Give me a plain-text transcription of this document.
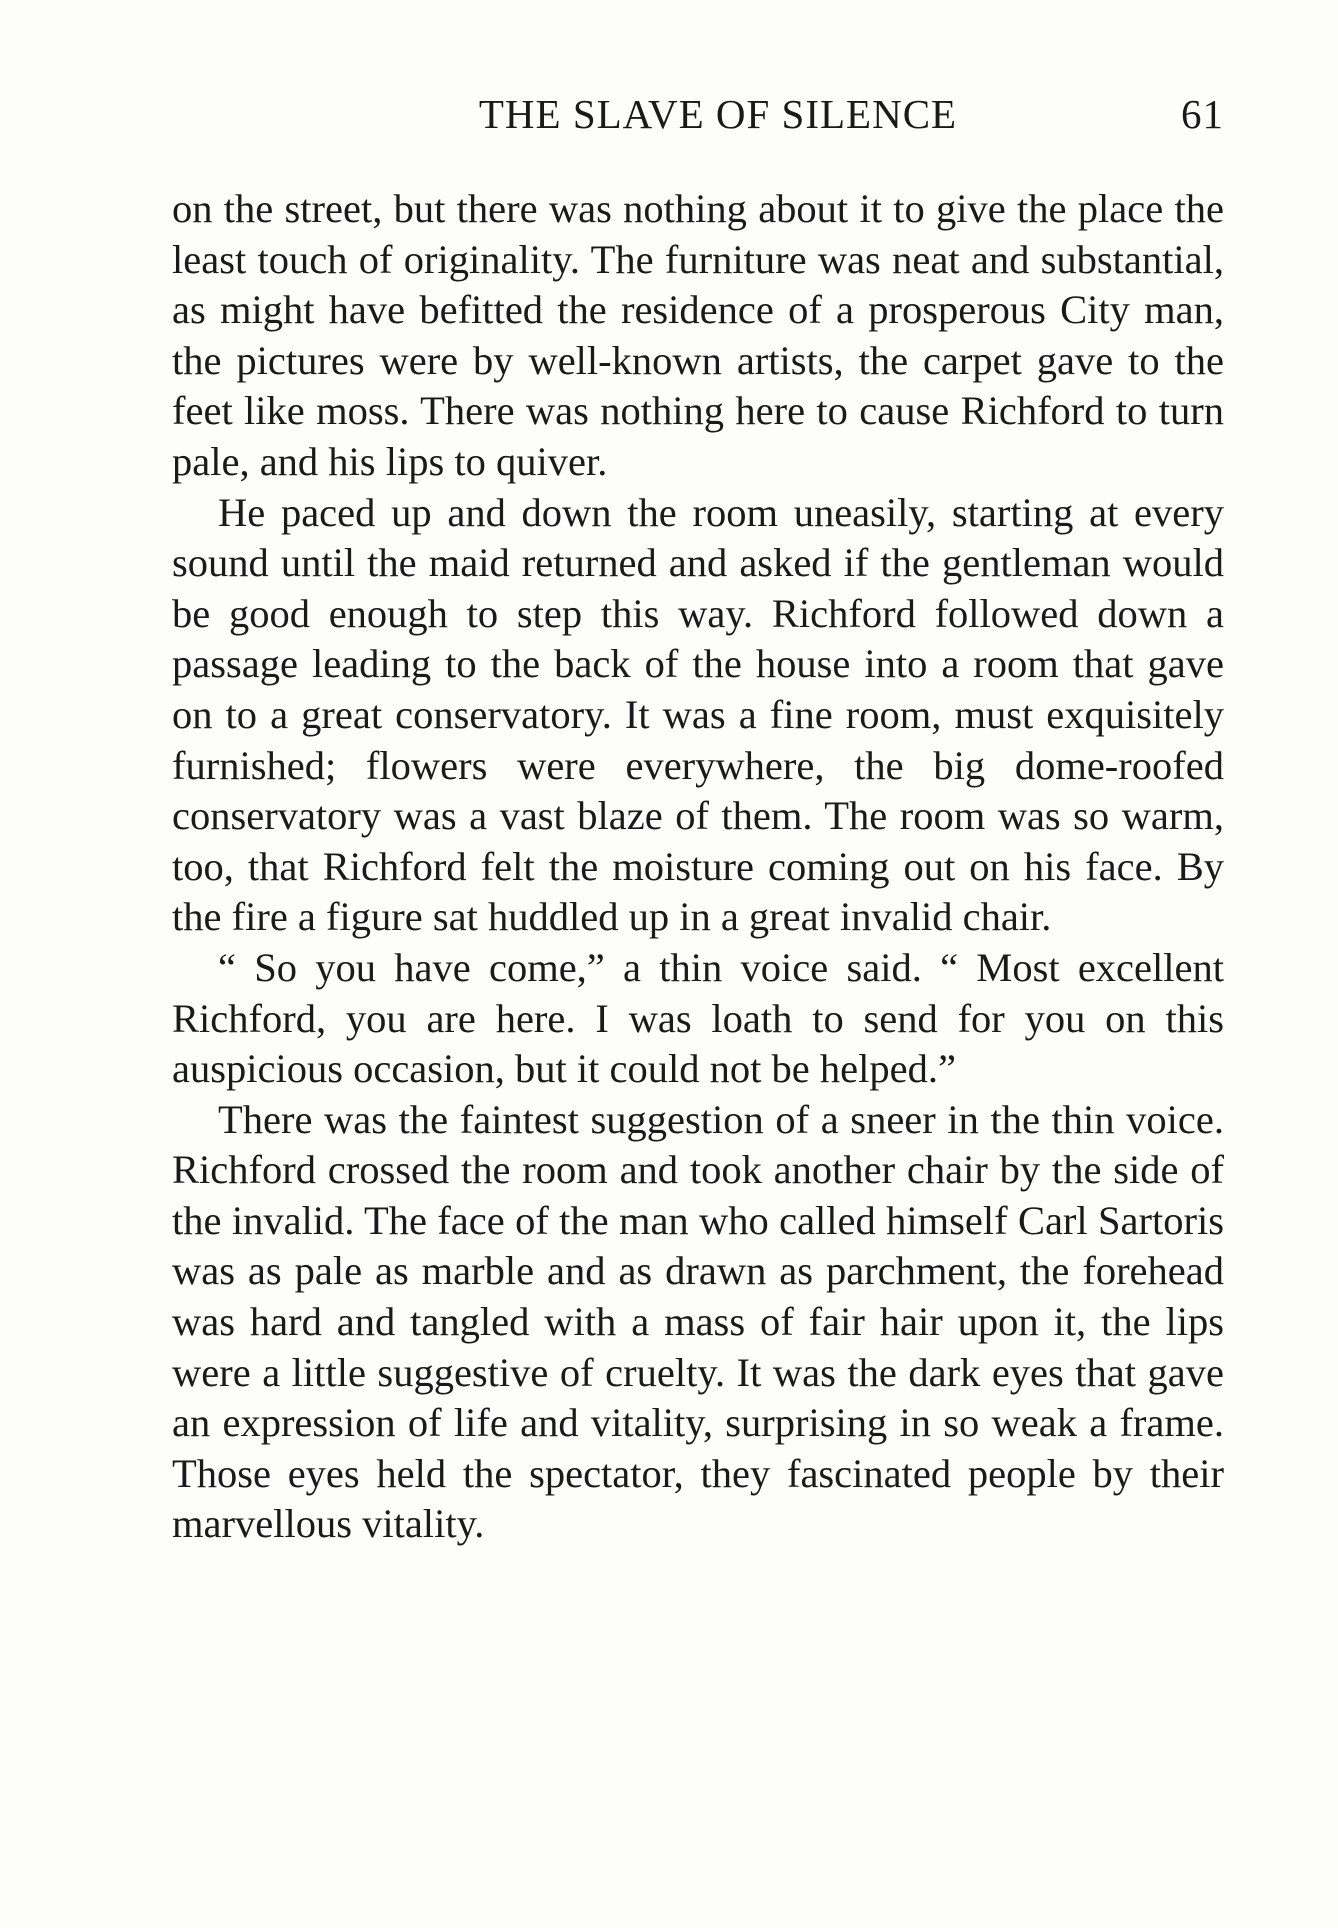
THE SLAVE OF SILENCE	61

on the street, but there was nothing about it to give the place the least touch of originality. The furniture was neat and substantial, as might have befitted the residence of a prosperous City man, the pictures were by well-known artists, the carpet gave to the feet like moss. There was nothing here to cause Richford to turn pale, and his lips to quiver.

He paced up and down the room uneasily, starting at every sound until the maid returned and asked if the gentleman would be good enough to step this way. Richford followed down a passage leading to the back of the house into a room that gave on to a great conservatory. It was a fine room, must exquisitely furnished; flowers were everywhere, the big dome-roofed conservatory was a vast blaze of them. The room was so warm, too, that Richford felt the moisture coming out on his face. By the fire a figure sat huddled up in a great invalid chair.

“ So you have come,” a thin voice said. “ Most excellent Richford, you are here. I was loath to send for you on this auspicious occasion, but it could not be helped.”

There was the faintest suggestion of a sneer in the thin voice. Richford crossed the room and took another chair by the side of the invalid. The face of the man who called himself Carl Sartoris was as pale as marble and as drawn as parchment, the forehead was hard and tangled with a mass of fair hair upon it, the lips were a little suggestive of cruelty. It was the dark eyes that gave an expression of life and vitality, surprising in so weak a frame. Those eyes held the spectator, they fascinated people by their marvellous vitality.
